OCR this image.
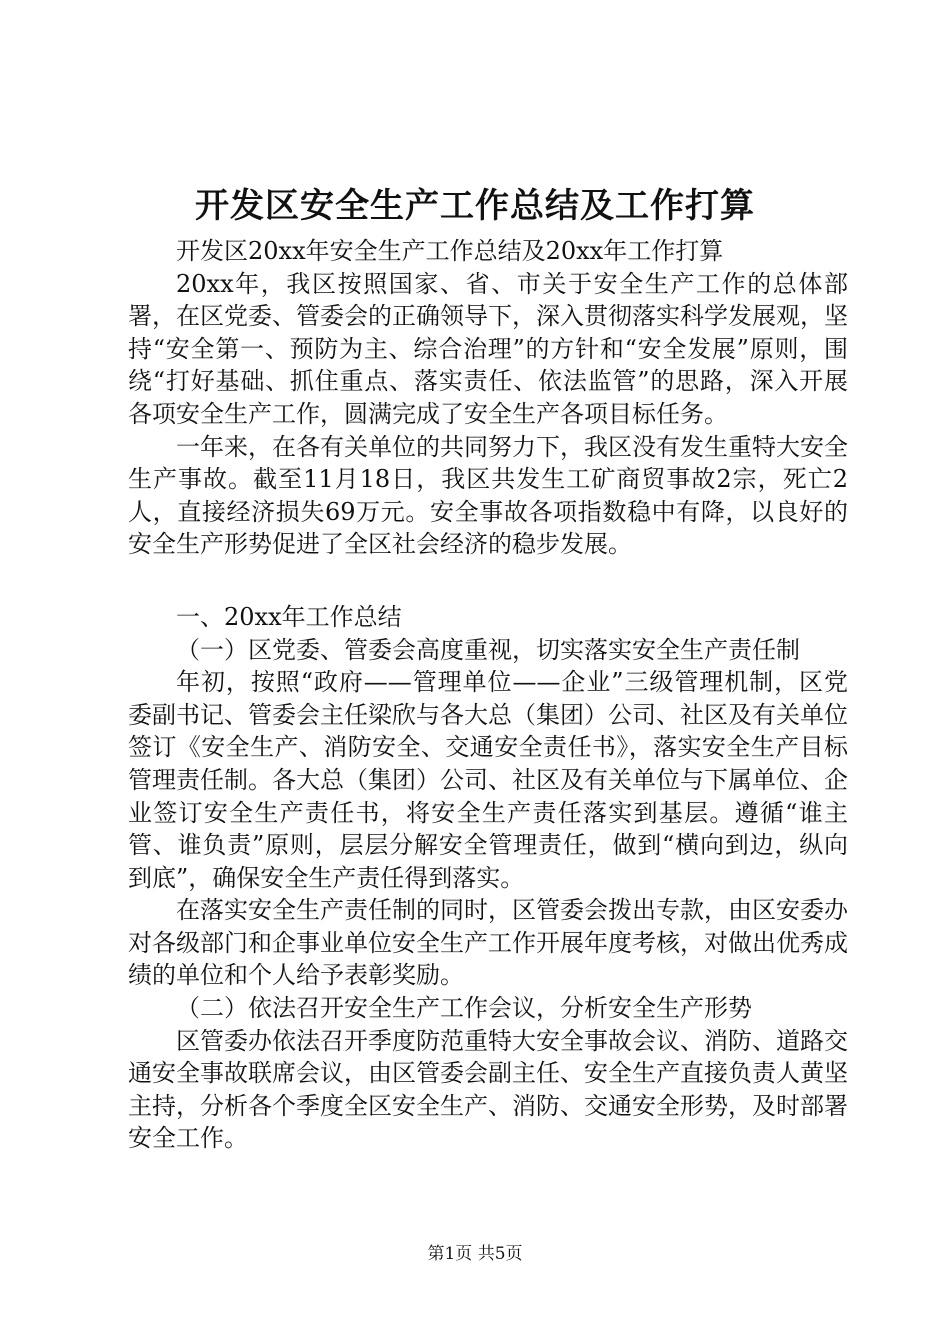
开发区安全生产工作总结及工作打算

开发区20xx年安全生产工作总结及20xx年工作打算

20xx年，我区按照国家、省、市关于安全生产工作的总体部署，在区党委、管委会的正确领导下，深入贯彻落实科学发展观，坚持“安全第一、预防为主、综合治理”的方针和“安全发展”原则，围绕“打好基础、抓住重点、落实责任、依法监管”的思路，深入开展各项安全生产工作，圆满完成了安全生产各项目标任务。

一年来，在各有关单位的共同努力下，我区没有发生重特大安全生产事故。截至11月18日，我区共发生工矿商贸事故2宗，死亡2人，直接经济损失69万元。安全事故各项指数稳中有降，以良好的安全生产形势促进了全区社会经济的稳步发展。

一、20xx年工作总结

（一）区党委、管委会高度重视，切实落实安全生产责任制

年初，按照“政府——管理单位——企业”三级管理机制，区党委副书记、管委会主任梁欣与各大总（集团）公司、社区及有关单位签订《安全生产、消防安全、交通安全责任书》，落实安全生产目标管理责任制。各大总（集团）公司、社区及有关单位与下属单位、企业签订安全生产责任书，将安全生产责任落实到基层。遵循“谁主管、谁负责”原则，层层分解安全管理责任，做到“横向到边，纵向到底”，确保安全生产责任得到落实。

在落实安全生产责任制的同时，区管委会拨出专款，由区安委办对各级部门和企事业单位安全生产工作开展年度考核，对做出优秀成绩的单位和个人给予表彰奖励。

（二）依法召开安全生产工作会议，分析安全生产形势

区管委办依法召开季度防范重特大安全事故会议、消防、道路交通安全事故联席会议，由区管委会副主任、安全生产直接负责人黄坚主持，分析各个季度全区安全生产、消防、交通安全形势，及时部署安全工作。

第1页 共5页
